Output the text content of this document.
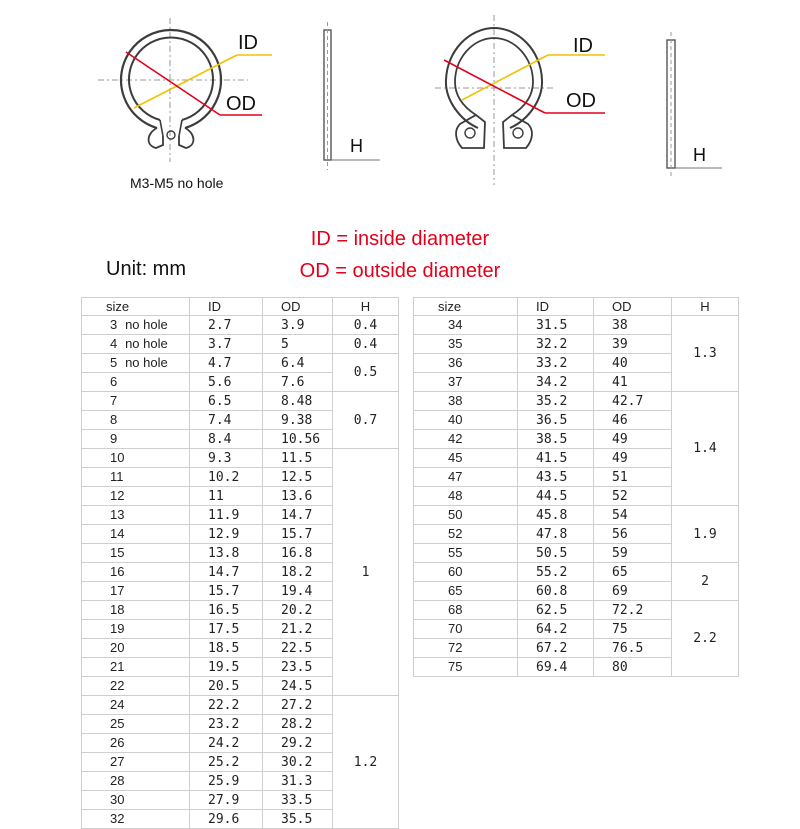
ID
OD
M3-M5 no hole
H
ID
OD
H
ID = inside diameter
OD = outside diameter
Unit: mm
size	ID	OD	H
3 no hole	2.7	3.9	0.4
4 no hole	3.7	5	0.4
5 no hole	4.7	6.4	0.5
6	5.6	7.6	
7	6.5	8.48	0.7
8	7.4	9.38	
9	8.4	10.56	
10	9.3	11.5	1
11	10.2	12.5	
12	11	13.6	
13	11.9	14.7	
14	12.9	15.7	
15	13.8	16.8	
16	14.7	18.2	
17	15.7	19.4	
18	16.5	20.2	
19	17.5	21.2	
20	18.5	22.5	
21	19.5	23.5	
22	20.5	24.5	
24	22.2	27.2	1.2
25	23.2	28.2	
26	24.2	29.2	
27	25.2	30.2	
28	25.9	31.3	
30	27.9	33.5	
32	29.6	35.5	
size	ID	OD	H
34	31.5	38	1.3
35	32.2	39	
36	33.2	40	
37	34.2	41	
38	35.2	42.7	1.4
40	36.5	46	
42	38.5	49	
45	41.5	49	
47	43.5	51	
48	44.5	52	
50	45.8	54	1.9
52	47.8	56	
55	50.5	59	
60	55.2	65	2
65	60.8	69	
68	62.5	72.2	2.2
70	64.2	75	
72	67.2	76.5	
75	69.4	80	
